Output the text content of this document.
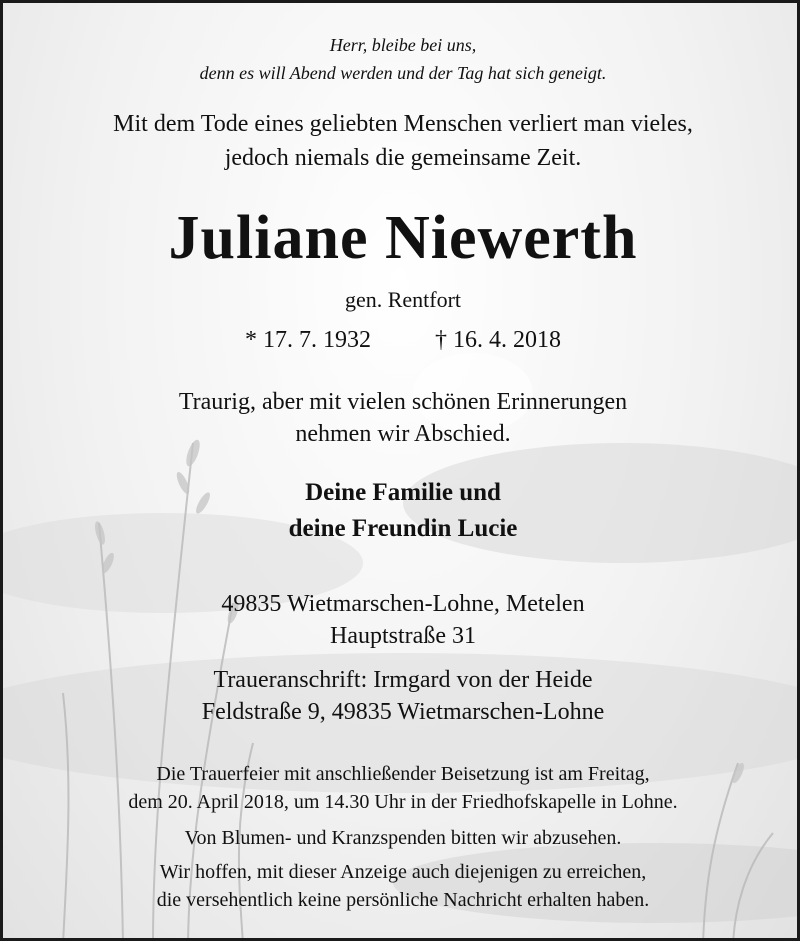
Herr, bleibe bei uns,
denn es will Abend werden und der Tag hat sich geneigt.
Mit dem Tode eines geliebten Menschen verliert man vieles,
jedoch niemals die gemeinsame Zeit.
Juliane Niewerth
gen. Rentfort
* 17. 7. 1932	† 16. 4. 2018
Traurig, aber mit vielen schönen Erinnerungen
nehmen wir Abschied.
Deine Familie und
deine Freundin Lucie
49835 Wietmarschen-Lohne, Metelen
Hauptstraße 31
Traueranschrift: Irmgard von der Heide
Feldstraße 9, 49835 Wietmarschen-Lohne
Die Trauerfeier mit anschließender Beisetzung ist am Freitag,
dem 20. April 2018, um 14.30 Uhr in der Friedhofskapelle in Lohne.
Von Blumen- und Kranzspenden bitten wir abzusehen.
Wir hoffen, mit dieser Anzeige auch diejenigen zu erreichen,
die versehentlich keine persönliche Nachricht erhalten haben.
